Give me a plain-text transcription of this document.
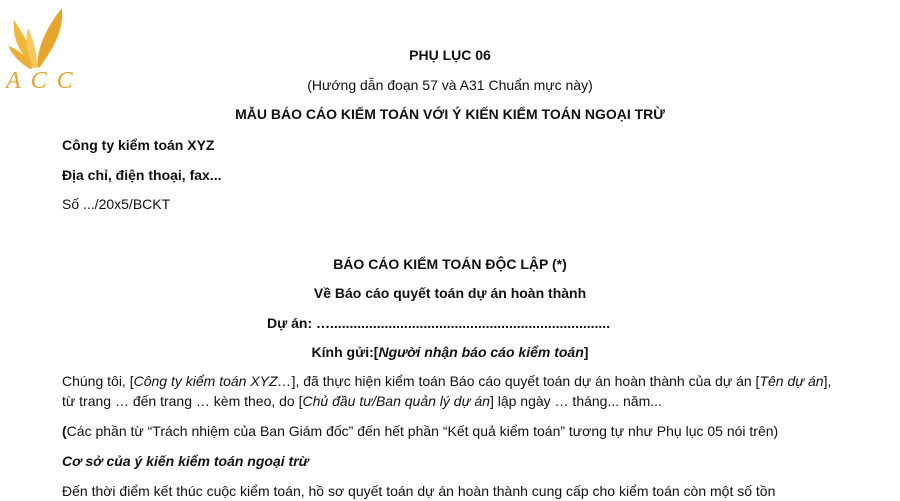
ACC
PHỤ LỤC 06
(Hướng dẫn đoạn 57 và A31 Chuẩn mực này)
MẪU BÁO CÁO KIỂM TOÁN VỚI Ý KIẾN KIỂM TOÁN NGOẠI TRỪ
Công ty kiểm toán XYZ
Địa chỉ, điện thoại, fax...
Số .../20x5/BCKT
BÁO CÁO KIỂM TOÁN ĐỘC LẬP (*)
Về Báo cáo quyết toán dự án hoàn thành
Dự án: …........................................................................
Kính gửi:[Người nhận báo cáo kiểm toán]
Chúng tôi, [Công ty kiểm toán XYZ…], đã thực hiện kiểm toán Báo cáo quyết toán dự án hoàn thành của dự án [Tên dự án], từ trang … đến trang … kèm theo, do [Chủ đầu tư/Ban quản lý dự án] lập ngày … tháng... năm...
(Các phần từ “Trách nhiệm của Ban Giám đốc” đến hết phần “Kết quả kiểm toán” tương tự như Phụ lục 05 nói trên)
Cơ sở của ý kiến kiểm toán ngoại trừ
Đến thời điểm kết thúc cuộc kiểm toán, hồ sơ quyết toán dự án hoàn thành cung cấp cho kiểm toán còn một số tồn
